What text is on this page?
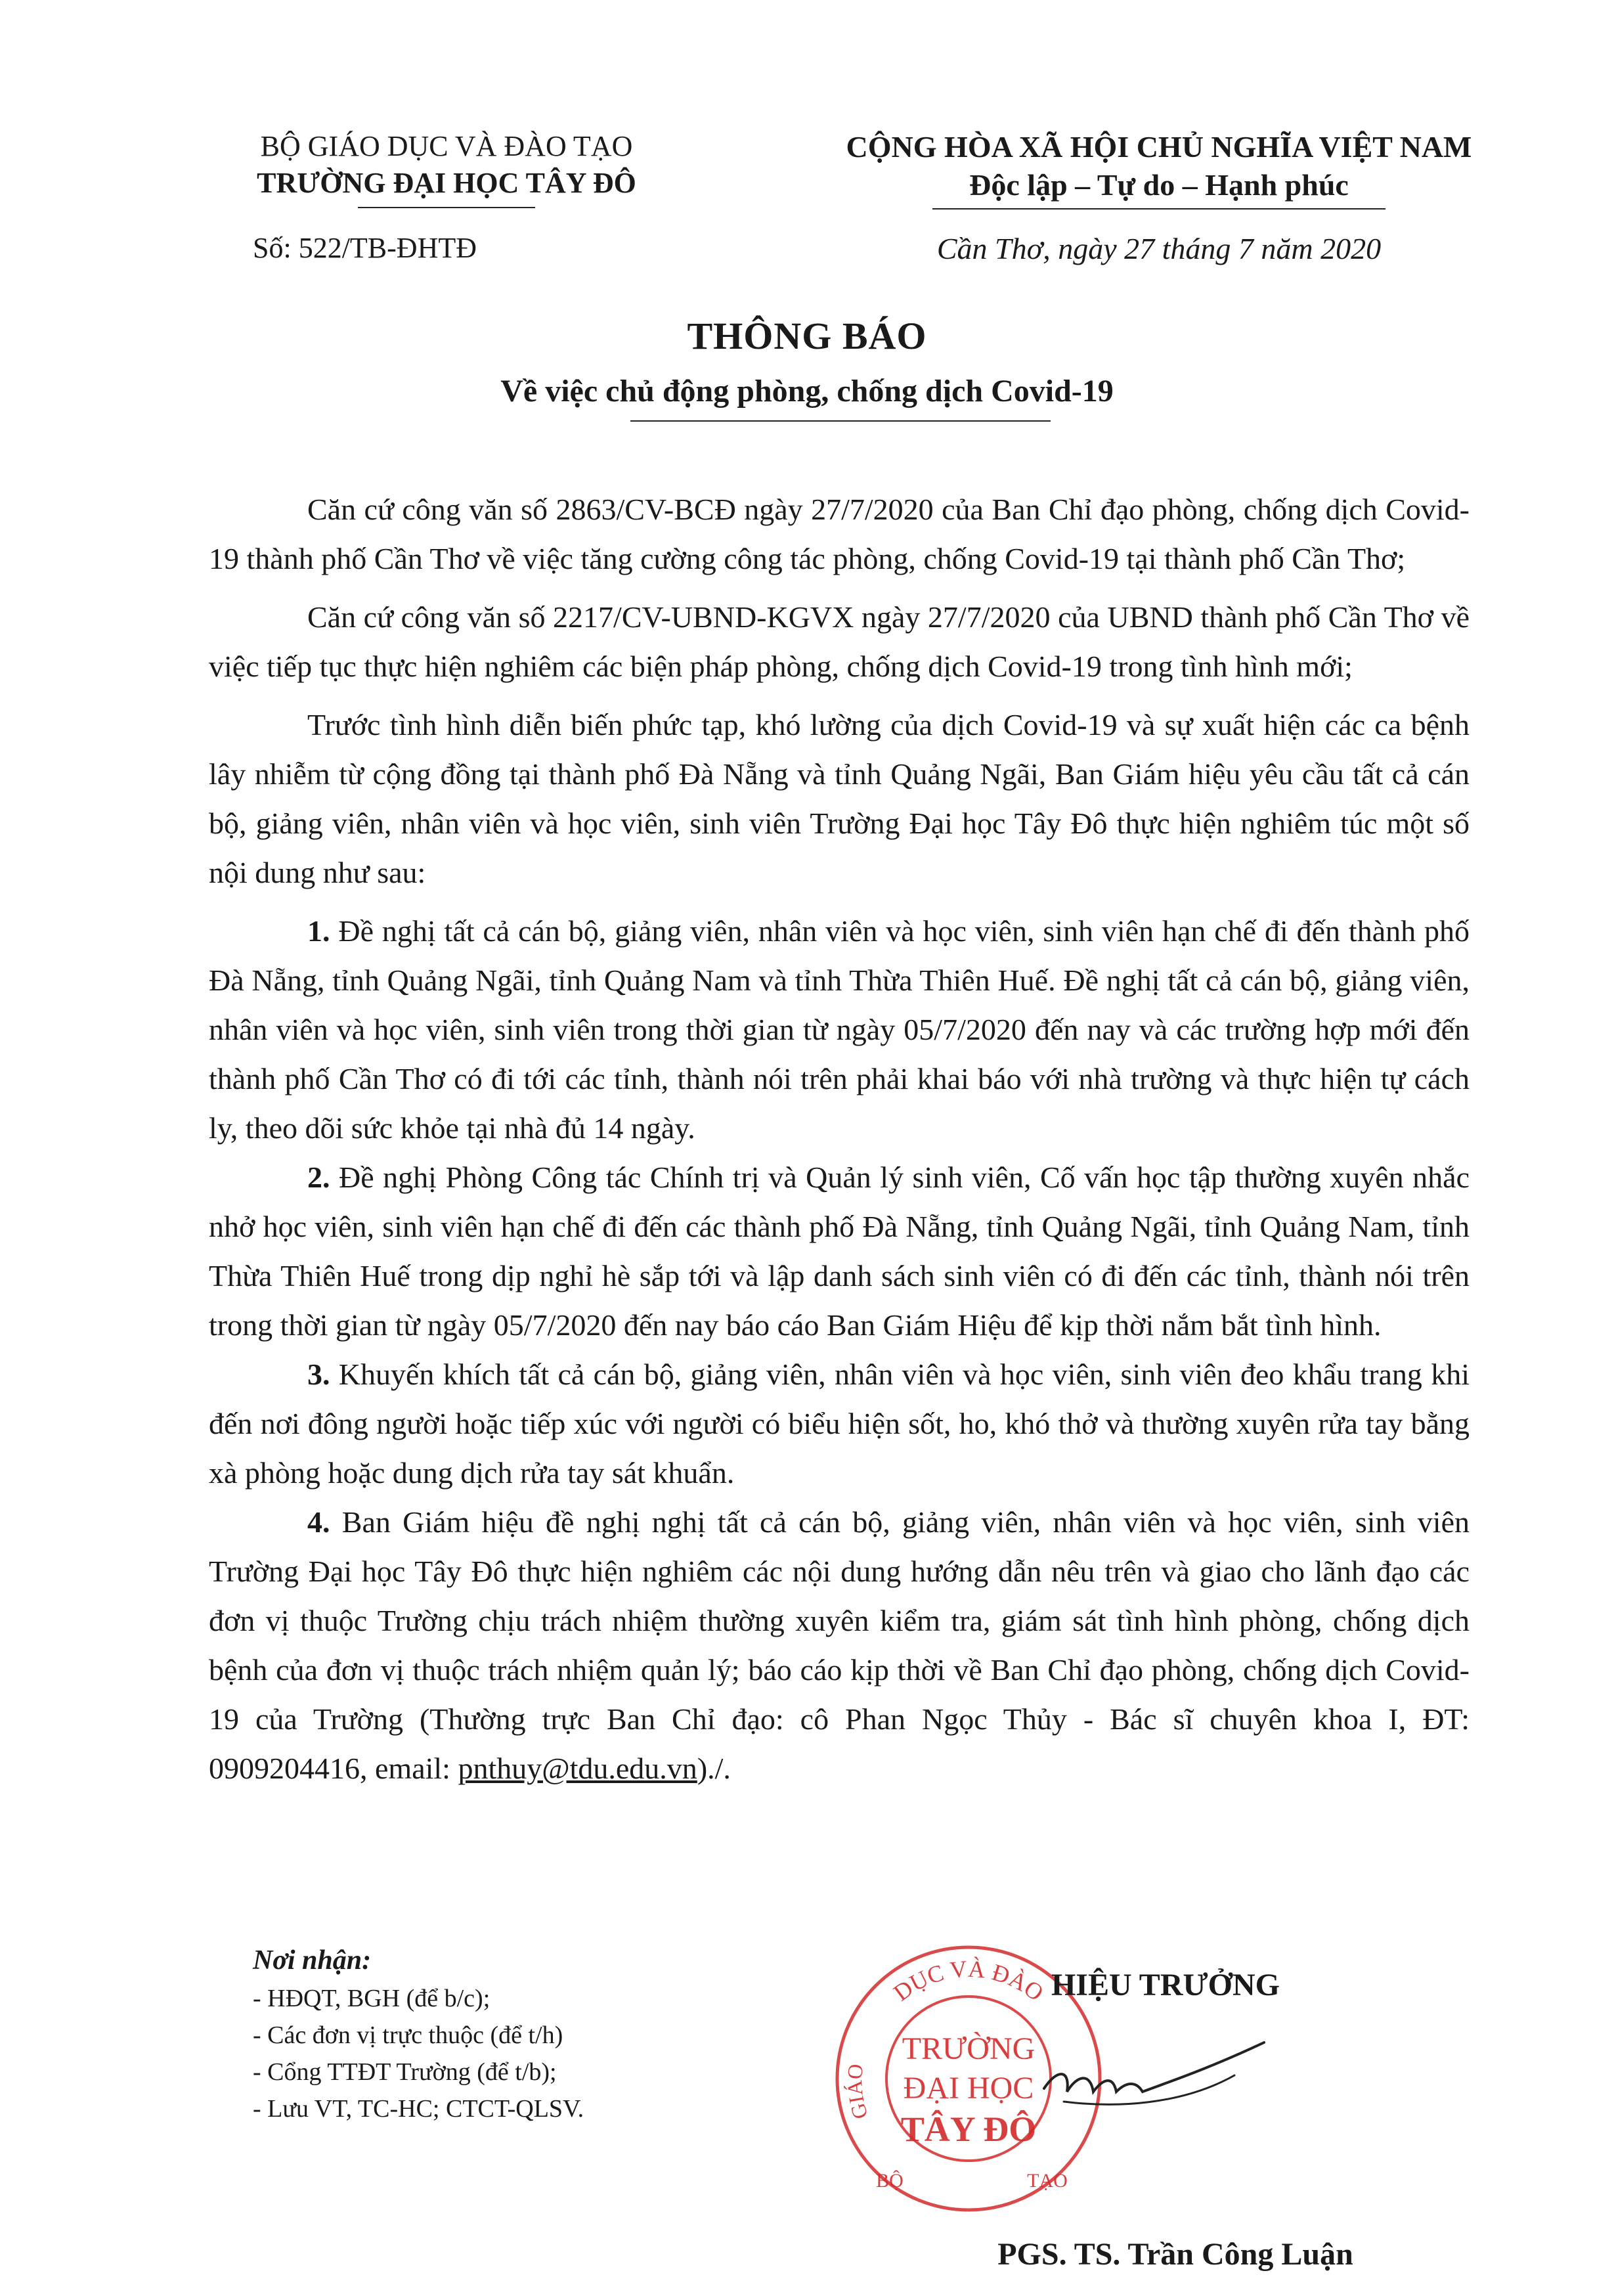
BỘ GIÁO DỤC VÀ ĐÀO TẠO
TRƯỜNG ĐẠI HỌC TÂY ĐÔ
Số: 522/TB-ĐHTĐ
CỘNG HÒA XÃ HỘI CHỦ NGHĨA VIỆT NAM
Độc lập – Tự do – Hạnh phúc
Cần Thơ, ngày 27 tháng 7 năm 2020
THÔNG BÁO
Về việc chủ động phòng, chống dịch Covid-19

Căn cứ công văn số 2863/CV-BCĐ ngày 27/7/2020 của Ban Chỉ đạo phòng, chống dịch Covid-19 thành phố Cần Thơ về việc tăng cường công tác phòng, chống Covid-19 tại thành phố Cần Thơ;

Căn cứ công văn số 2217/CV-UBND-KGVX ngày 27/7/2020 của UBND thành phố Cần Thơ về việc tiếp tục thực hiện nghiêm các biện pháp phòng, chống dịch Covid-19 trong tình hình mới;

Trước tình hình diễn biến phức tạp, khó lường của dịch Covid-19 và sự xuất hiện các ca bệnh lây nhiễm từ cộng đồng tại thành phố Đà Nẵng và tỉnh Quảng Ngãi, Ban Giám hiệu yêu cầu tất cả cán bộ, giảng viên, nhân viên và học viên, sinh viên Trường Đại học Tây Đô thực hiện nghiêm túc một số nội dung như sau:

1. Đề nghị tất cả cán bộ, giảng viên, nhân viên và học viên, sinh viên hạn chế đi đến thành phố Đà Nẵng, tỉnh Quảng Ngãi, tỉnh Quảng Nam và tỉnh Thừa Thiên Huế. Đề nghị tất cả cán bộ, giảng viên, nhân viên và học viên, sinh viên trong thời gian từ ngày 05/7/2020 đến nay và các trường hợp mới đến thành phố Cần Thơ có đi tới các tỉnh, thành nói trên phải khai báo với nhà trường và thực hiện tự cách ly, theo dõi sức khỏe tại nhà đủ 14 ngày.

2. Đề nghị Phòng Công tác Chính trị và Quản lý sinh viên, Cố vấn học tập thường xuyên nhắc nhở học viên, sinh viên hạn chế đi đến các thành phố Đà Nẵng, tỉnh Quảng Ngãi, tỉnh Quảng Nam, tỉnh Thừa Thiên Huế trong dịp nghỉ hè sắp tới và lập danh sách sinh viên có đi đến các tỉnh, thành nói trên trong thời gian từ ngày 05/7/2020 đến nay báo cáo Ban Giám Hiệu để kịp thời nắm bắt tình hình.

3. Khuyến khích tất cả cán bộ, giảng viên, nhân viên và học viên, sinh viên đeo khẩu trang khi đến nơi đông người hoặc tiếp xúc với người có biểu hiện sốt, ho, khó thở và thường xuyên rửa tay bằng xà phòng hoặc dung dịch rửa tay sát khuẩn.

4. Ban Giám hiệu đề nghị nghị tất cả cán bộ, giảng viên, nhân viên và học viên, sinh viên Trường Đại học Tây Đô thực hiện nghiêm các nội dung hướng dẫn nêu trên và giao cho lãnh đạo các đơn vị thuộc Trường chịu trách nhiệm thường xuyên kiểm tra, giám sát tình hình phòng, chống dịch bệnh của đơn vị thuộc trách nhiệm quản lý; báo cáo kịp thời về Ban Chỉ đạo phòng, chống dịch Covid-19 của Trường (Thường trực Ban Chỉ đạo: cô Phan Ngọc Thủy - Bác sĩ chuyên khoa I, ĐT: 0909204416, email: pnthuy@tdu.edu.vn)./.

Nơi nhận:
- HĐQT, BGH (để b/c);
- Các đơn vị trực thuộc (để t/h)
- Cổng TTĐT Trường (để t/b);
- Lưu VT, TC-HC; CTCT-QLSV.
DỤC VÀ ĐÀO
GIÁO
TRƯỜNG
ĐẠI HỌC
TÂY ĐÔ
BỘ	TẠO
HIỆU TRƯỞNG
PGS. TS. Trần Công Luận
